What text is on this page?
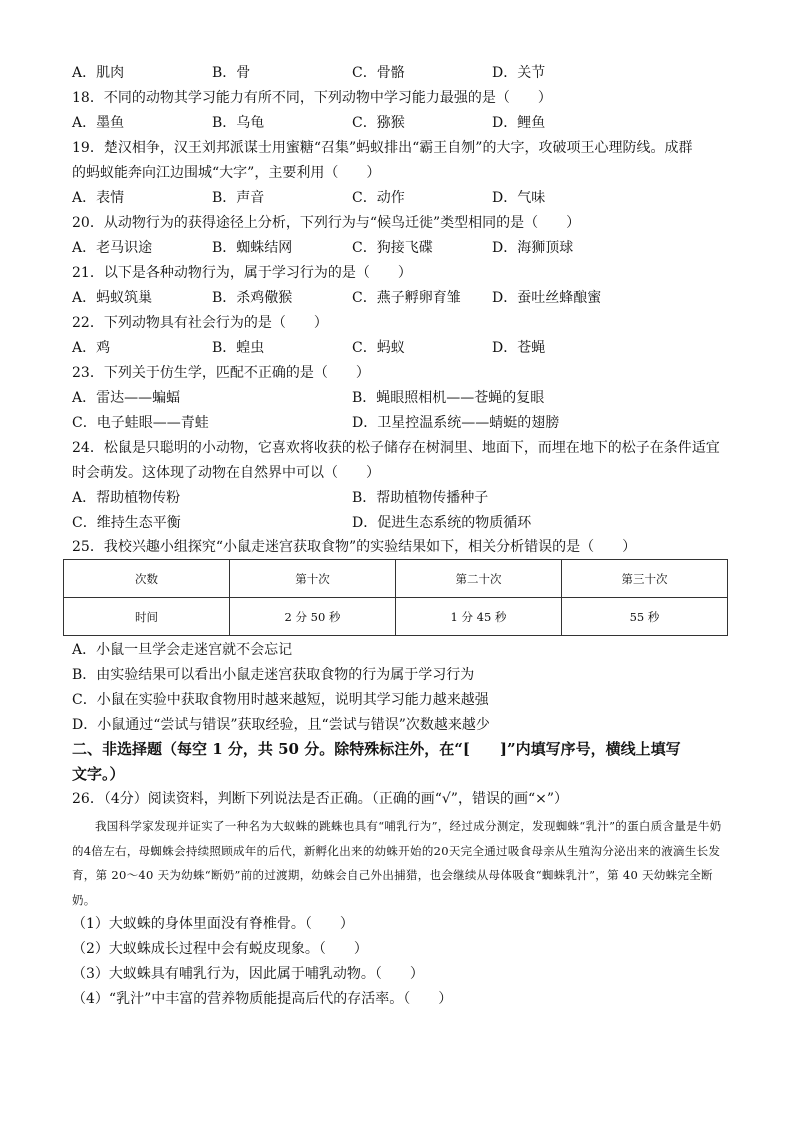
A．肌肉	B．骨	C．骨骼	D．关节
18．不同的动物其学习能力有所不同，下列动物中学习能力最强的是（　　）
A．墨鱼	B．乌龟	C．猕猴	D．鲤鱼
19．楚汉相争，汉王刘邦派谋士用蜜糖“召集”蚂蚁排出“霸王自刎”的大字，攻破项王心理防线。成群
的蚂蚁能奔向江边围城“大字”，主要利用（　　）
A．表情	B．声音	C．动作	D．气味
20．从动物行为的获得途径上分析，下列行为与“候鸟迁徙”类型相同的是（　　）
A．老马识途	B．蜘蛛结网	C．狗接飞碟	D．海狮顶球
21．以下是各种动物行为，属于学习行为的是（　　）
A．蚂蚁筑巢	B．杀鸡儆猴	C．燕子孵卵育雏 D．蚕吐丝蜂酿蜜
22．下列动物具有社会行为的是（　　）
A．鸡	B．蝗虫	C．蚂蚁	D．苍蝇
23．下列关于仿生学，匹配不正确的是（　　）
A．雷达——蝙蝠	B．蝇眼照相机——苍蝇的复眼
C．电子蛙眼——青蛙	D．卫星控温系统——蜻蜓的翅膀
24．松鼠是只聪明的小动物，它喜欢将收获的松子储存在树洞里、地面下，而埋在地下的松子在条件适宜
时会萌发。这体现了动物在自然界中可以（　　）
A．帮助植物传粉	B．帮助植物传播种子
C．维持生态平衡	D．促进生态系统的物质循环
25．我校兴趣小组探究“小鼠走迷宫获取食物”的实验结果如下，相关分析错误的是（　　）
次数	第十次	第二十次	第三十次
时间	2 分 50 秒	1 分 45 秒	55 秒
A．小鼠一旦学会走迷宫就不会忘记
B．由实验结果可以看出小鼠走迷宫获取食物的行为属于学习行为
C．小鼠在实验中获取食物用时越来越短，说明其学习能力越来越强
D．小鼠通过“尝试与错误”获取经验，且“尝试与错误”次数越来越少
二、非选择题（每空 1 分，共 50 分。除特殊标注外，在“[　　]”内填写序号，横线上填写
文字。）
26．（4分）阅读资料，判断下列说法是否正确。（正确的画“√”，错误的画“×”）
我国科学家发现并证实了一种名为大蚁蛛的跳蛛也具有“哺乳行为”，经过成分测定，发现蜘蛛“乳汁”的蛋白质含量是牛奶的4倍左右，母蜘蛛会持续照顾成年的后代，新孵化出来的幼蛛开始的20天完全通过吸食母亲从生殖沟分泌出来的液滴生长发育，第 20～40 天为幼蛛“断奶”前的过渡期，幼蛛会自己外出捕猎，也会继续从母体吸食“蜘蛛乳汁”，第 40 天幼蛛完全断奶。
（1）大蚁蛛的身体里面没有脊椎骨。（　　）
（2）大蚁蛛成长过程中会有蜕皮现象。（　　）
（3）大蚁蛛具有哺乳行为，因此属于哺乳动物。（　　）
（4）“乳汁”中丰富的营养物质能提高后代的存活率。（　　）
